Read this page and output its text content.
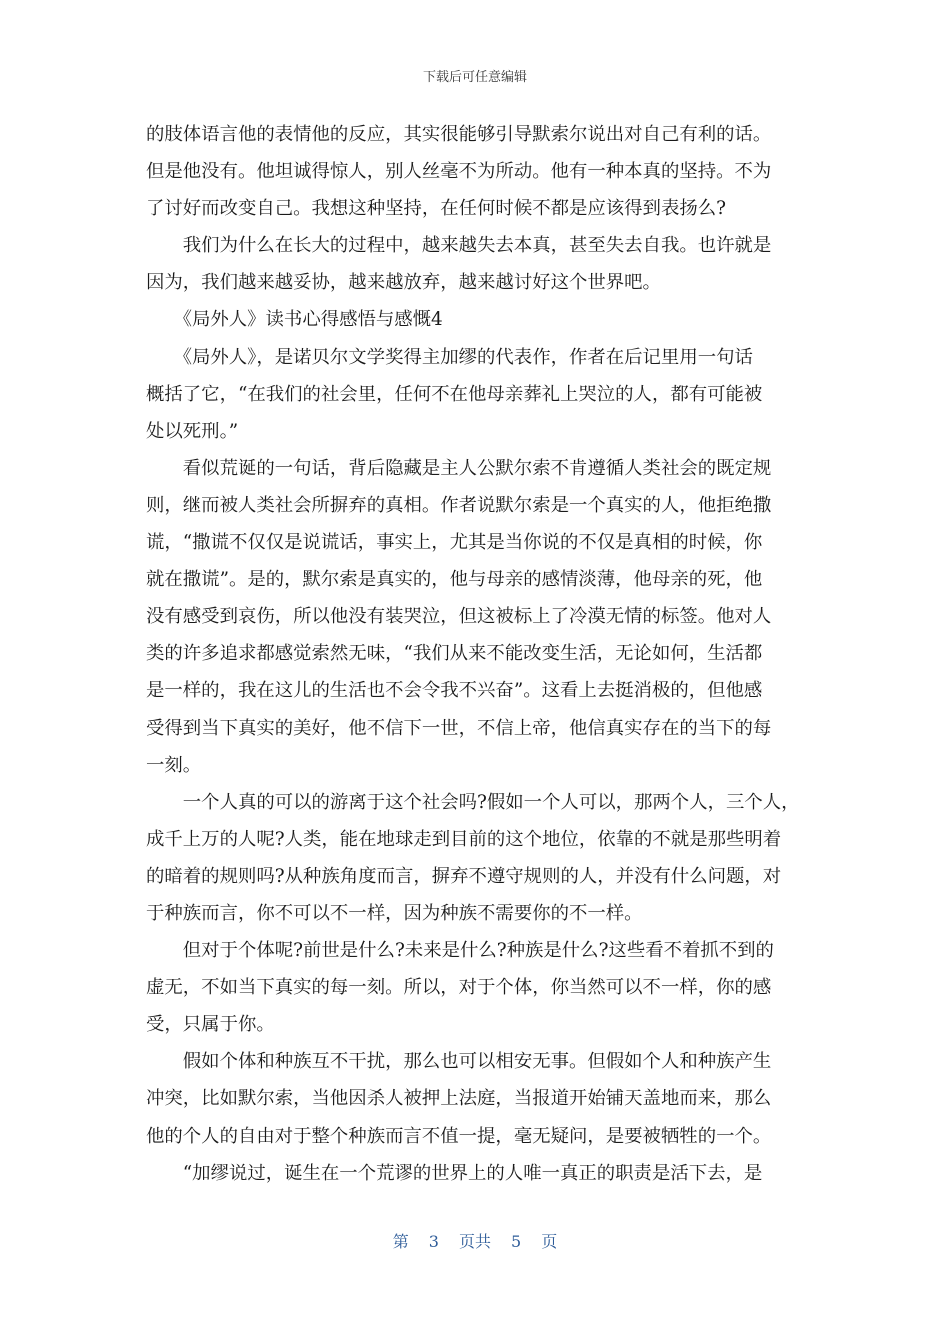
下载后可任意编辑
的肢体语言他的表情他的反应，其实很能够引导默索尔说出对自己有利的话。
但是他没有。他坦诚得惊人，别人丝毫不为所动。他有一种本真的坚持。不为
了讨好而改变自己。我想这种坚持，在任何时候不都是应该得到表扬么?
　　我们为什么在长大的过程中，越来越失去本真，甚至失去自我。也许就是
因为，我们越来越妥协，越来越放弃，越来越讨好这个世界吧。
　　《局外人》读书心得感悟与感慨4
　　《局外人》，是诺贝尔文学奖得主加缪的代表作，作者在后记里用一句话
概括了它，“在我们的社会里，任何不在他母亲葬礼上哭泣的人，都有可能被
处以死刑。”
　　看似荒诞的一句话，背后隐藏是主人公默尔索不肯遵循人类社会的既定规
则，继而被人类社会所摒弃的真相。作者说默尔索是一个真实的人，他拒绝撒
谎，“撒谎不仅仅是说谎话，事实上，尤其是当你说的不仅是真相的时候，你
就在撒谎”。是的，默尔索是真实的，他与母亲的感情淡薄，他母亲的死，他
没有感受到哀伤，所以他没有装哭泣，但这被标上了冷漠无情的标签。他对人
类的许多追求都感觉索然无味，“我们从来不能改变生活，无论如何，生活都
是一样的，我在这儿的生活也不会令我不兴奋”。这看上去挺消极的，但他感
受得到当下真实的美好，他不信下一世，不信上帝，他信真实存在的当下的每
一刻。
　　一个人真的可以的游离于这个社会吗?假如一个人可以，那两个人，三个人，
成千上万的人呢?人类，能在地球走到目前的这个地位，依靠的不就是那些明着
的暗着的规则吗?从种族角度而言，摒弃不遵守规则的人，并没有什么问题，对
于种族而言，你不可以不一样，因为种族不需要你的不一样。
　　但对于个体呢?前世是什么?未来是什么?种族是什么?这些看不着抓不到的
虚无，不如当下真实的每一刻。所以，对于个体，你当然可以不一样，你的感
受，只属于你。
　　假如个体和种族互不干扰，那么也可以相安无事。但假如个人和种族产生
冲突，比如默尔索，当他因杀人被押上法庭，当报道开始铺天盖地而来，那么
他的个人的自由对于整个种族而言不值一提，毫无疑问，是要被牺牲的一个。
　　“加缪说过，诞生在一个荒谬的世界上的人唯一真正的职责是活下去，是
第 3 页共 5 页
